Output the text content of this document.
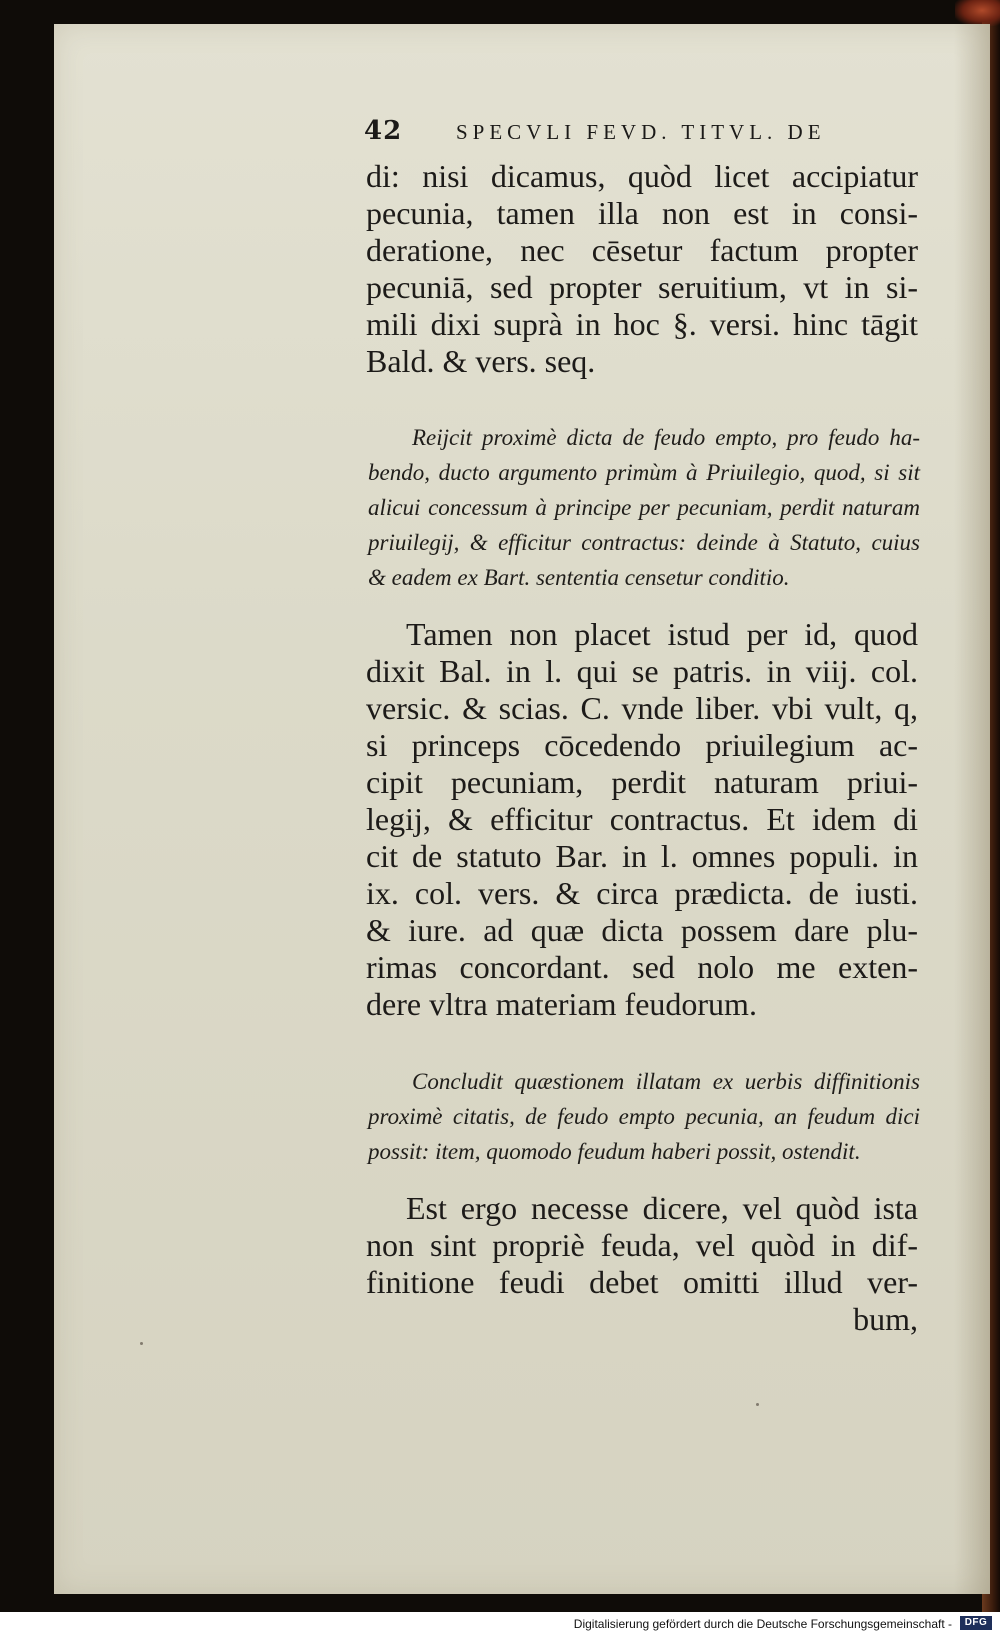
42	SPECVLI FEVD. TITVL. DE
di: nisi dicamus, quòd licet accipiatur
pecunia, tamen illa non est in consi-
deratione, nec cēsetur factum propter
pecuniā, sed propter seruitium, vt in si-
mili dixi suprà in hoc §. versi. hinc tāgit
Bald. & vers. seq.
Reijcit proximè dicta de feudo empto, pro feudo ha-
bendo, ducto argumento primùm à Priuilegio, quod, si sit
alicui concessum à principe per pecuniam, perdit naturam
priuilegij, & efficitur contractus: deinde à Statuto, cuius
& eadem ex Bart. sententia censetur conditio.
Tamen non placet istud per id, quod
dixit Bal. in l. qui se patris. in viij. col.
versic. & scias. C. vnde liber. vbi vult, q,
si princeps cōcedendo priuilegium ac-
cipit pecuniam, perdit naturam priui-
legij, & efficitur contractus. Et idem di
cit de statuto Bar. in l. omnes populi. in
ix. col. vers. & circa prædicta. de iusti.
& iure. ad quæ dicta possem dare plu-
rimas concordant. sed nolo me exten-
dere vltra materiam feudorum.
Concludit quæstionem illatam ex uerbis diffinitionis
proximè citatis, de feudo empto pecunia, an feudum dici
possit: item, quomodo feudum haberi possit, ostendit.
Est ergo necesse dicere, vel quòd ista
non sint propriè feuda, vel quòd in dif-
finitione feudi debet omitti illud ver-
bum,
Digitalisierung gefördert durch die Deutsche Forschungsgemeinschaft -	DFG
